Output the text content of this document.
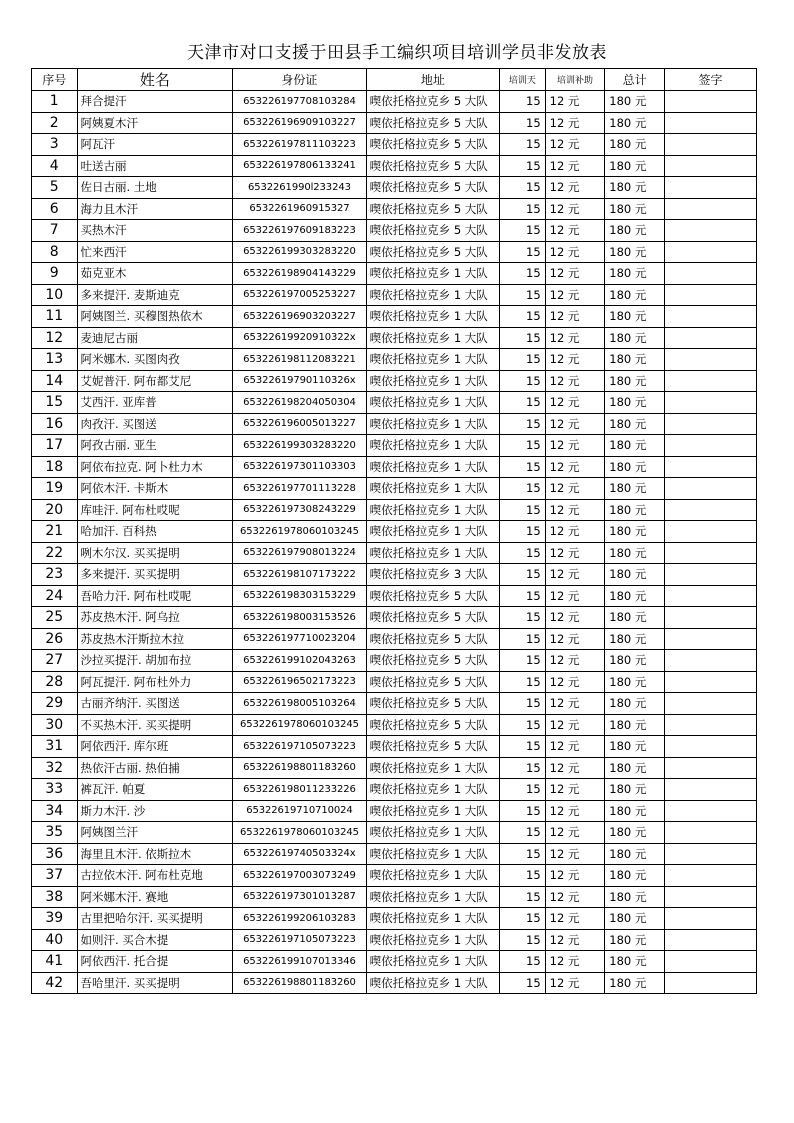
天津市对口支援于田县手工编织项目培训学员非发放表
序号	姓名	身份证	地址	培训天	培训补助	总计	签字
1	拜合提汗	653226197708103284	喫依托格拉克乡 5 大队	15	12 元	180 元	
2	阿姨夏木汗	653226196909103227	喫依托格拉克乡 5 大队	15	12 元	180 元	
3	阿瓦汗	653226197811103223	喫依托格拉克乡 5 大队	15	12 元	180 元	
4	吐送古丽	653226197806133241	喫依托格拉克乡 5 大队	15	12 元	180 元	
5	佐日古丽. 土地	6532261990l233243	喫依托格拉克乡 5 大队	15	12 元	180 元	
6	海力且木汗	6532261960915327	喫依托格拉克乡 5 大队	15	12 元	180 元	
7	买热木汗	653226197609183223	喫依托格拉克乡 5 大队	15	12 元	180 元	
8	忙来西汗	653226199303283220	喫依托格拉克乡 5 大队	15	12 元	180 元	
9	茹克亚木	653226198904143229	喫依托格拉克乡 1 大队	15	12 元	180 元	
10	多来提汗. 麦斯迪克	653226197005253227	喫依托格拉克乡 1 大队	15	12 元	180 元	
11	阿姨图兰. 买穆图热依木	653226196903203227	喫依托格拉克乡 1 大队	15	12 元	180 元	
12	麦迪尼古丽	65322619920910322x	喫依托格拉克乡 1 大队	15	12 元	180 元	
13	阿米娜木. 买图肉孜	653226198112083221	喫依托格拉克乡 1 大队	15	12 元	180 元	
14	艾妮普汗. 阿布都艾尼	65322619790110326x	喫依托格拉克乡 1 大队	15	12 元	180 元	
15	艾西汗. 亚库普	653226198204050304	喫依托格拉克乡 1 大队	15	12 元	180 元	
16	肉孜汗. 买图送	653226196005013227	喫依托格拉克乡 1 大队	15	12 元	180 元	
17	阿孜古丽. 亚生	653226199303283220	喫依托格拉克乡 1 大队	15	12 元	180 元	
18	阿依布拉克. 阿卜杜力木	653226197301103303	喫依托格拉克乡 1 大队	15	12 元	180 元	
19	阿依木汗. 卡斯木	653226197701113228	喫依托格拉克乡 1 大队	15	12 元	180 元	
20	库哇汗. 阿布杜哎呢	653226197308243229	喫依托格拉克乡 1 大队	15	12 元	180 元	
21	哈加汗. 百科热	6532261978060103245	喫依托格拉克乡 1 大队	15	12 元	180 元	
22	咧木尔汉. 买买提明	653226197908013224	喫依托格拉克乡 1 大队	15	12 元	180 元	
23	多来提汗. 买买提明	653226198107173222	喫依托格拉克乡 3 大队	15	12 元	180 元	
24	吾哈力汗. 阿布杜哎呢	653226198303153229	喫依托格拉克乡 5 大队	15	12 元	180 元	
25	苏皮热木汗. 阿乌拉	653226198003153526	喫依托格拉克乡 5 大队	15	12 元	180 元	
26	苏皮热木汗斯拉木拉	653226197710023204	喫依托格拉克乡 5 大队	15	12 元	180 元	
27	沙拉买提汗. 胡加布拉	653226199102043263	喫依托格拉克乡 5 大队	15	12 元	180 元	
28	阿瓦提汗. 阿布杜外力	653226196502173223	喫依托格拉克乡 5 大队	15	12 元	180 元	
29	古丽齐纳汗. 买图送	653226198005103264	喫依托格拉克乡 5 大队	15	12 元	180 元	
30	不买热木汗. 买买提明	6532261978060103245	喫依托格拉克乡 5 大队	15	12 元	180 元	
31	阿依西汗. 库尔班	653226197105073223	喫依托格拉克乡 5 大队	15	12 元	180 元	
32	热依汗古丽. 热伯捕	653226198801183260	喫依托格拉克乡 1 大队	15	12 元	180 元	
33	裤瓦汗. 帕夏	653226198011233226	喫依托格拉克乡 1 大队	15	12 元	180 元	
34	斯力木汗. 沙	65322619710710024	喫依托格拉克乡 1 大队	15	12 元	180 元	
35	阿姨图兰汗	6532261978060103245	喫依托格拉克乡 1 大队	15	12 元	180 元	
36	海里且木汗. 依斯拉木	65322619740503324x	喫依托格拉克乡 1 大队	15	12 元	180 元	
37	古拉依木汗. 阿布杜克地	653226197003073249	喫依托格拉克乡 1 大队	15	12 元	180 元	
38	阿米娜木汗. 赛地	653226197301013287	喫依托格拉克乡 1 大队	15	12 元	180 元	
39	古里把哈尔汗. 买买提明	653226199206103283	喫依托格拉克乡 1 大队	15	12 元	180 元	
40	如则汗. 买合木提	653226197105073223	喫依托格拉克乡 1 大队	15	12 元	180 元	
41	阿依西汗. 托合提	653226199107013346	喫依托格拉克乡 1 大队	15	12 元	180 元	
42	吾哈里汗. 买买提明	653226198801183260	喫依托格拉克乡 1 大队	15	12 元	180 元	
